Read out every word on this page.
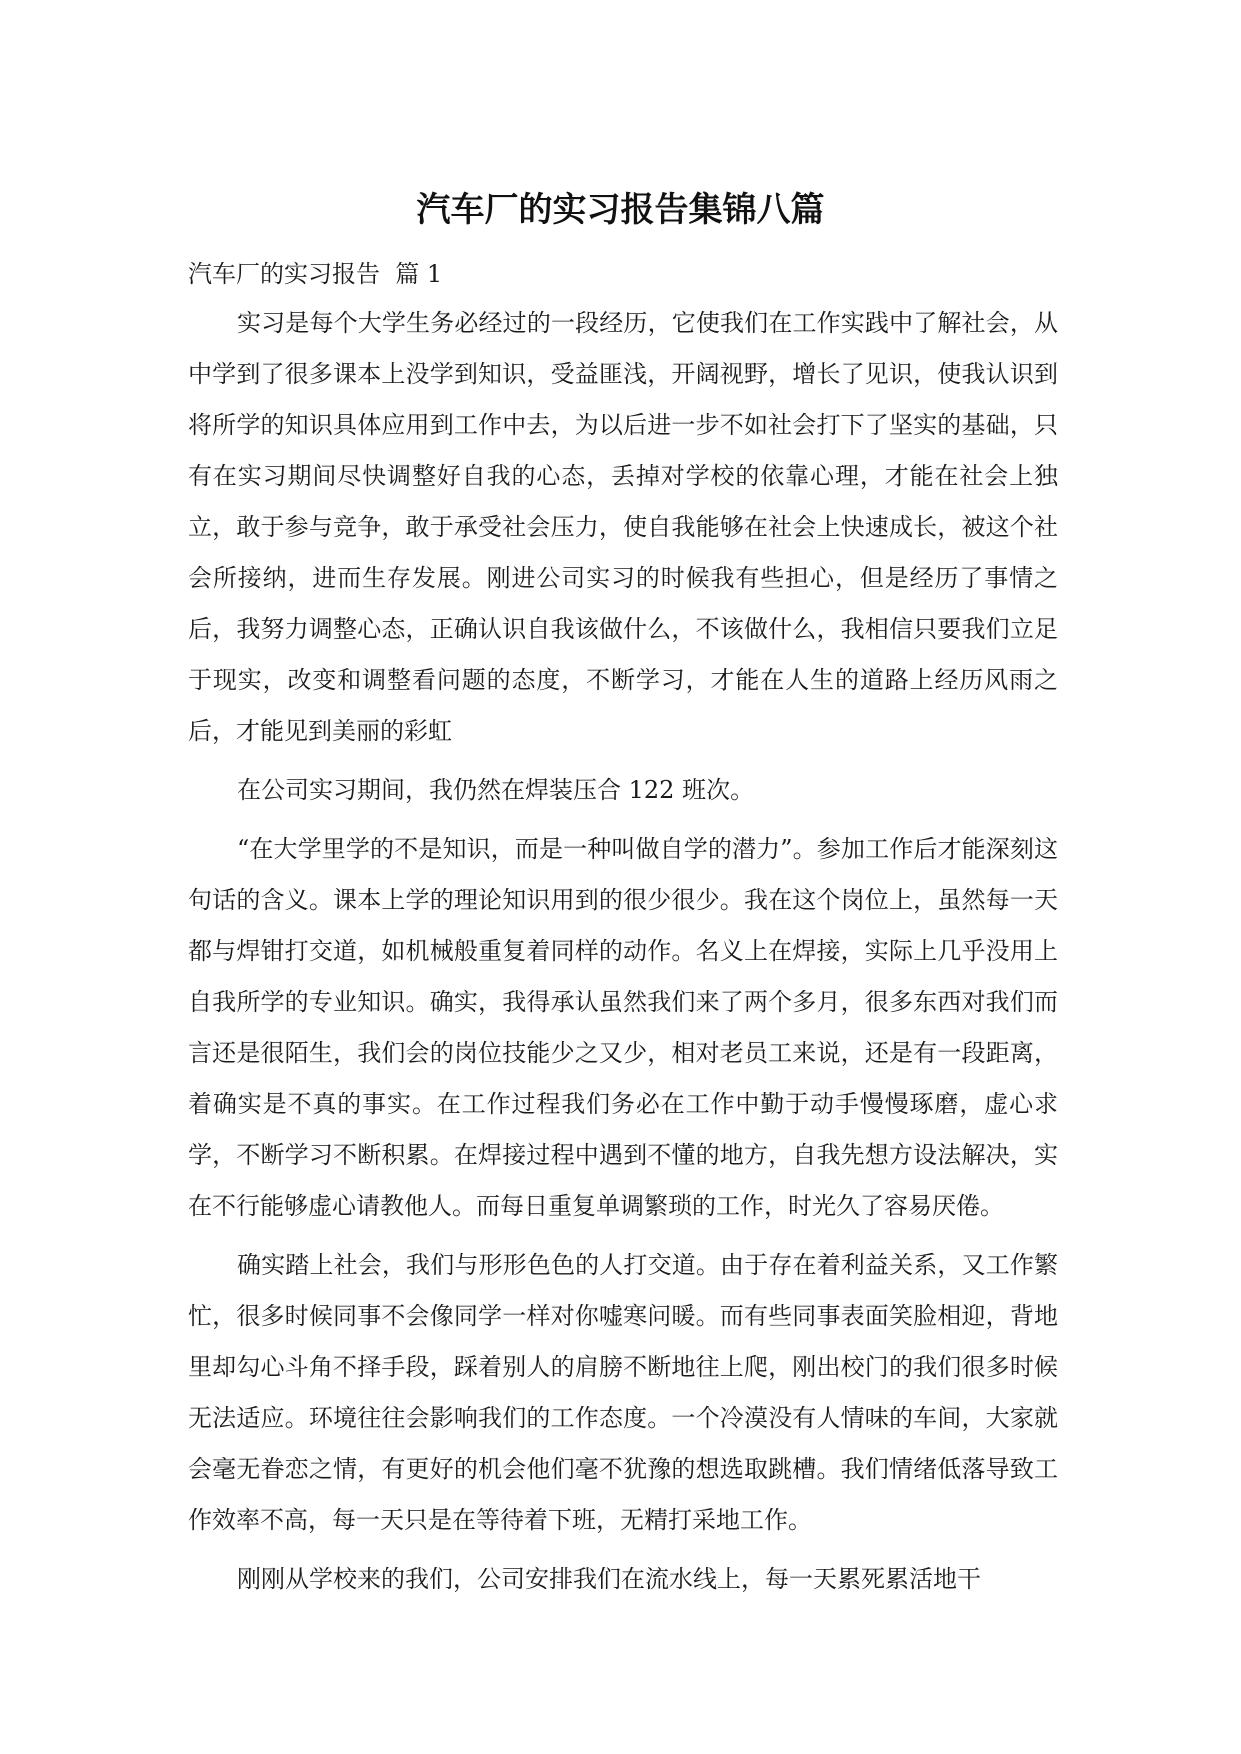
汽车厂的实习报告集锦八篇

汽车厂的实习报告  篇 1

实习是每个大学生务必经过的一段经历，它使我们在工作实践中了解社会，从中学到了很多课本上没学到知识，受益匪浅，开阔视野，增长了见识，使我认识到将所学的知识具体应用到工作中去，为以后进一步不如社会打下了坚实的基础，只有在实习期间尽快调整好自我的心态，丢掉对学校的依靠心理，才能在社会上独立，敢于参与竞争，敢于承受社会压力，使自我能够在社会上快速成长，被这个社会所接纳，进而生存发展。刚进公司实习的时候我有些担心，但是经历了事情之后，我努力调整心态，正确认识自我该做什么，不该做什么，我相信只要我们立足于现实，改变和调整看问题的态度，不断学习，才能在人生的道路上经历风雨之后，才能见到美丽的彩虹

在公司实习期间，我仍然在焊装压合 122 班次。

“在大学里学的不是知识，而是一种叫做自学的潜力”。参加工作后才能深刻这句话的含义。课本上学的理论知识用到的很少很少。我在这个岗位上，虽然每一天都与焊钳打交道，如机械般重复着同样的动作。名义上在焊接，实际上几乎没用上自我所学的专业知识。确实，我得承认虽然我们来了两个多月，很多东西对我们而言还是很陌生，我们会的岗位技能少之又少，相对老员工来说，还是有一段距离，着确实是不真的事实。在工作过程我们务必在工作中勤于动手慢慢琢磨，虚心求学，不断学习不断积累。在焊接过程中遇到不懂的地方，自我先想方设法解决，实在不行能够虚心请教他人。而每日重复单调繁琐的工作，时光久了容易厌倦。

确实踏上社会，我们与形形色色的人打交道。由于存在着利益关系，又工作繁忙，很多时候同事不会像同学一样对你嘘寒问暖。而有些同事表面笑脸相迎，背地里却勾心斗角不择手段，踩着别人的肩膀不断地往上爬，刚出校门的我们很多时候无法适应。环境往往会影响我们的工作态度。一个冷漠没有人情味的车间，大家就会毫无眷恋之情，有更好的机会他们毫不犹豫的想选取跳槽。我们情绪低落导致工作效率不高，每一天只是在等待着下班，无精打采地工作。

刚刚从学校来的我们，公司安排我们在流水线上，每一天累死累活地干
